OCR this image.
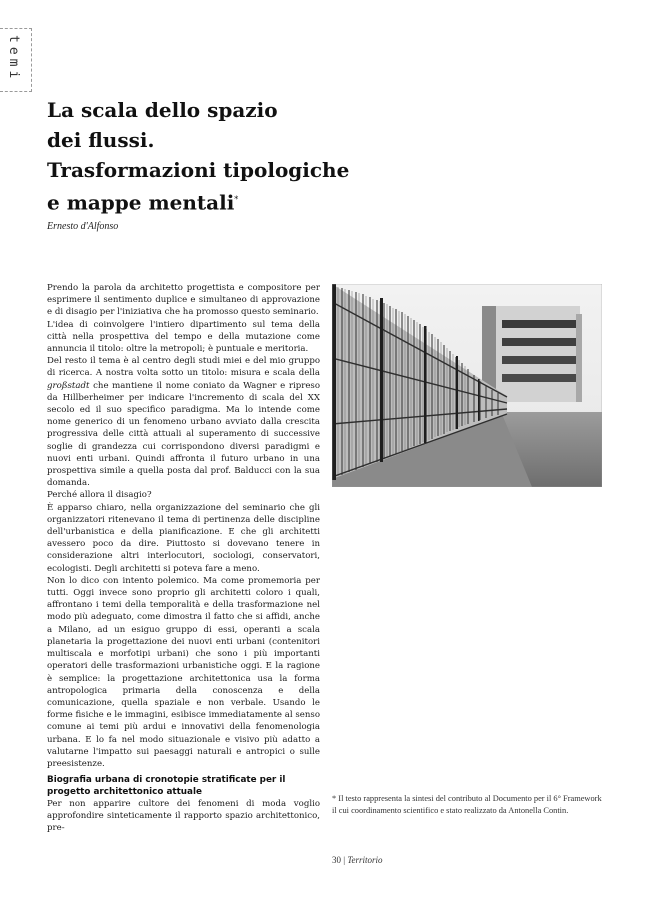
temi
La scala dello spazio
dei flussi.
Trasformazioni tipologiche
e mappe mentali*
Ernesto d'Alfonso

Prendo la parola da architetto progettista e compositore per esprimere il sentimento duplice e simultaneo di approvazione e di disagio per l'iniziativa che ha promosso questo seminario.

L'idea di coinvolgere l'intiero dipartimento sul tema della città nella prospettiva del tempo e della mutazione come annuncia il titolo: oltre la metropoli; è puntuale e meritoria.

Del resto il tema è al centro degli studi miei e del mio gruppo di ricerca. A nostra volta sotto un titolo: misura e scala della großstadt che mantiene il nome coniato da Wagner e ripreso da Hillberheimer per indicare l'incremento di scala del XX secolo ed il suo specifico paradigma. Ma lo intende come nome generico di un fenomeno urbano avviato dalla crescita progressiva delle città attuali al superamento di successive soglie di grandezza cui corrispondono diversi paradigmi e nuovi enti urbani. Quindi affronta il futuro urbano in una prospettiva simile a quella posta dal prof. Balducci con la sua domanda.

Perché allora il disagio?

È apparso chiaro, nella organizzazione del seminario che gli organizzatori ritenevano il tema di pertinenza delle discipline dell'urbanistica e della pianificazione. E che gli architetti avessero poco da dire. Piuttosto si dovevano tenere in considerazione altri interlocutori, sociologi, conservatori, ecologisti. Degli architetti si poteva fare a meno.

Non lo dico con intento polemico. Ma come promemoria per tutti. Oggi invece sono proprio gli architetti coloro i quali, affrontano i temi della temporalità e della trasformazione nel modo più adeguato, come dimostra il fatto che si affidi, anche a Milano, ad un esiguo gruppo di essi, operanti a scala planetaria la progettazione dei nuovi enti urbani (contenitori multiscala e morfotipi urbani) che sono i più importanti operatori delle trasformazioni urbanistiche oggi. E la ragione è semplice: la progettazione architettonica usa la forma antropologica primaria della conoscenza e della comunicazione, quella spaziale e non verbale. Usando le forme fisiche e le immagini, esibisce immediatamente al senso comune ai temi più ardui e innovativi della fenomenologia urbana. E lo fa nel modo situazionale e visivo più adatto a valutarne l'impatto sui paesaggi naturali e antropici o sulle preesistenze.

Biografia urbana di cronotopie stratificate per il progetto architettonico attuale
Per non apparire cultore dei fenomeni di moda voglio approfondire sinteticamente il rapporto spazio architettonico, pre-
* Il testo rappresenta la sintesi del contributo al Documento per il 6° Framework il cui coordinamento scientifico e stato realizzato da Antonella Contin.
30 | Territorio
